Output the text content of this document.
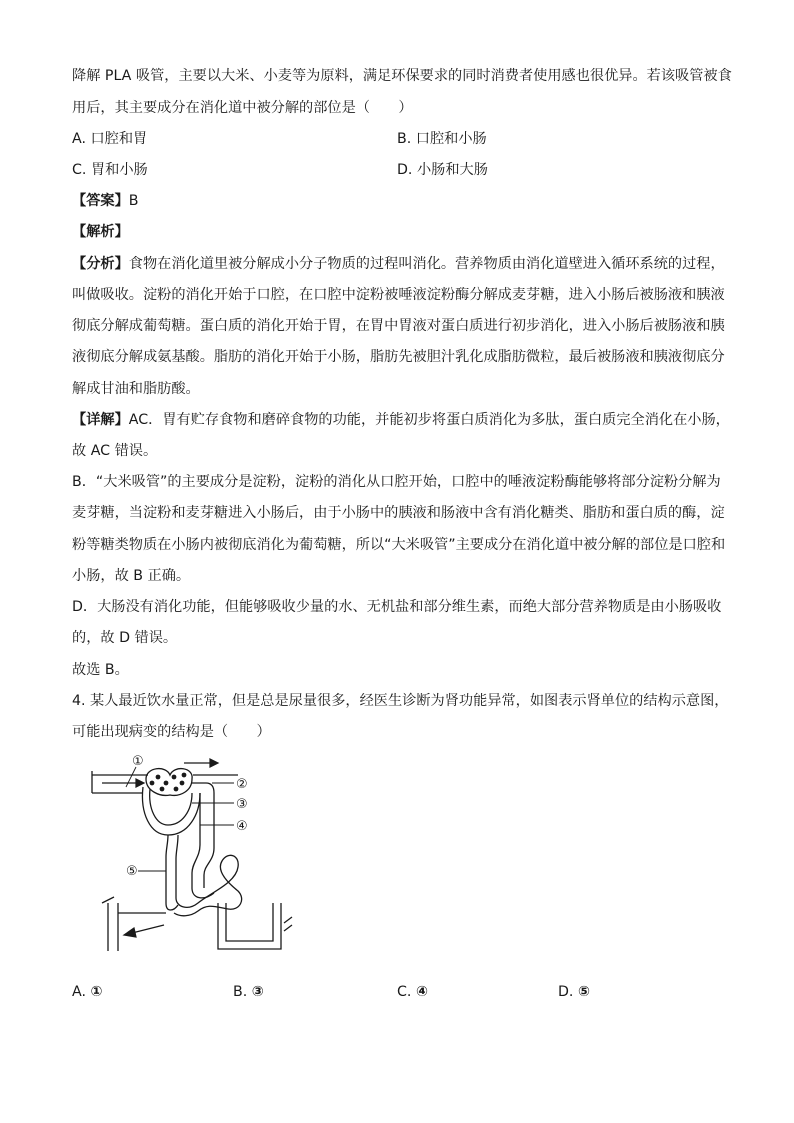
降解 PLA 吸管，主要以大米、小麦等为原料，满足环保要求的同时消费者使用感也很优异。若该吸管被食
用后，其主要成分在消化道中被分解的部位是（　　）
A. 口腔和胃	B. 口腔和小肠
C. 胃和小肠	D. 小肠和大肠
【答案】B
【解析】
【分析】食物在消化道里被分解成小分子物质的过程叫消化。营养物质由消化道壁进入循环系统的过程，
叫做吸收。淀粉的消化开始于口腔，在口腔中淀粉被唾液淀粉酶分解成麦芽糖，进入小肠后被肠液和胰液
彻底分解成葡萄糖。蛋白质的消化开始于胃，在胃中胃液对蛋白质进行初步消化，进入小肠后被肠液和胰
液彻底分解成氨基酸。脂肪的消化开始于小肠，脂肪先被胆汁乳化成脂肪微粒，最后被肠液和胰液彻底分
解成甘油和脂肪酸。
【详解】AC．胃有贮存食物和磨碎食物的功能，并能初步将蛋白质消化为多肽，蛋白质完全消化在小肠，
故 AC 错误。
B．“大米吸管”的主要成分是淀粉，淀粉的消化从口腔开始，口腔中的唾液淀粉酶能够将部分淀粉分解为
麦芽糖，当淀粉和麦芽糖进入小肠后，由于小肠中的胰液和肠液中含有消化糖类、脂肪和蛋白质的酶，淀
粉等糖类物质在小肠内被彻底消化为葡萄糖，所以“大米吸管”主要成分在消化道中被分解的部位是口腔和
小肠，故 B 正确。
D．大肠没有消化功能，但能够吸收少量的水、无机盐和部分维生素，而绝大部分营养物质是由小肠吸收
的，故 D 错误。
故选 B。
4. 某人最近饮水量正常，但是总是尿量很多，经医生诊断为肾功能异常，如图表示肾单位的结构示意图，
可能出现病变的结构是（　　）
①
②
③
④
⑤
A. ①	B. ③	C. ④	D. ⑤
